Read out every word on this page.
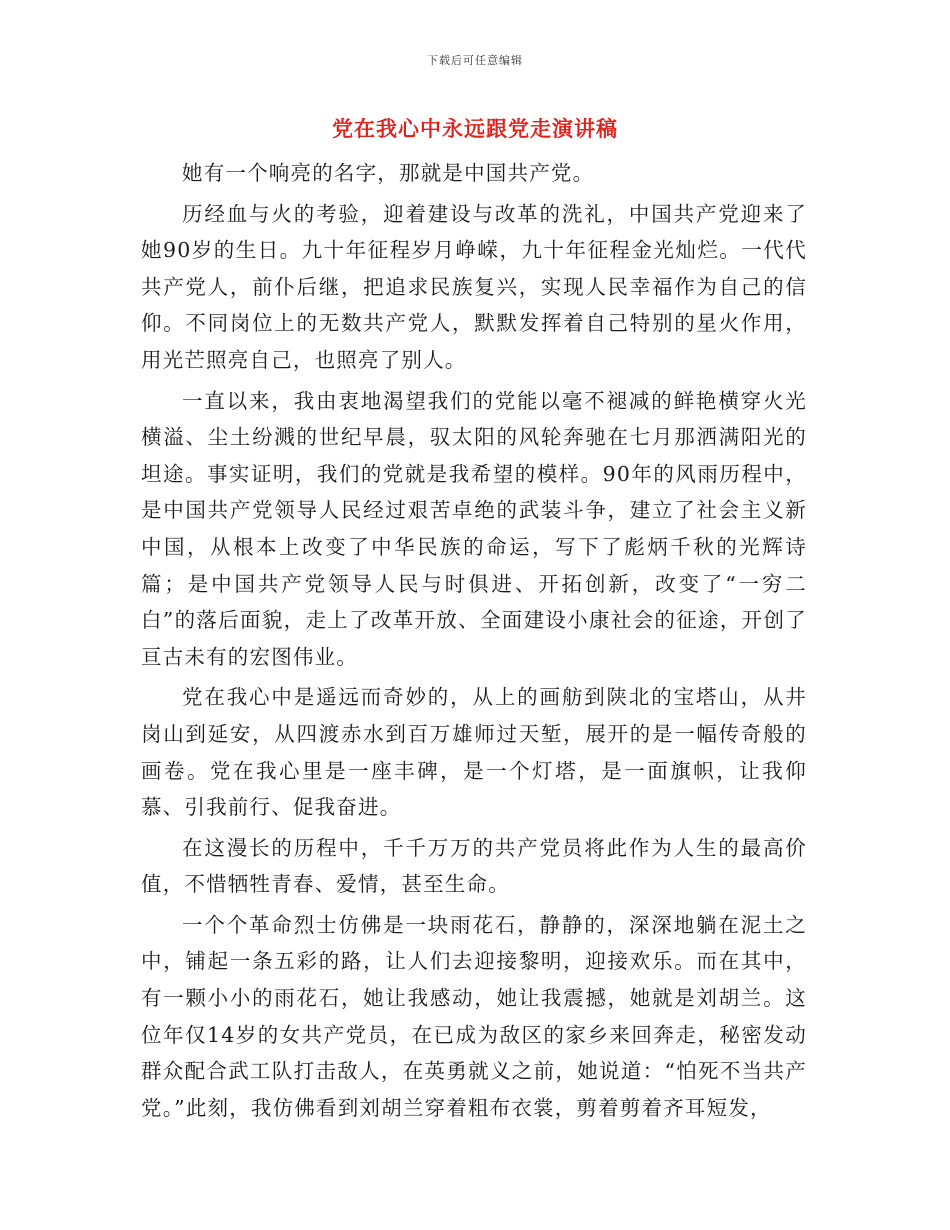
下载后可任意编辑
党在我心中永远跟党走演讲稿

她有一个响亮的名字，那就是中国共产党。

历经血与火的考验，迎着建设与改革的洗礼，中国共产党迎来了她90岁的生日。九十年征程岁月峥嵘，九十年征程金光灿烂。一代代共产党人，前仆后继，把追求民族复兴，实现人民幸福作为自己的信仰。不同岗位上的无数共产党人，默默发挥着自己特别的星火作用，用光芒照亮自己，也照亮了别人。

一直以来，我由衷地渴望我们的党能以毫不褪减的鲜艳横穿火光横溢、尘土纷溅的世纪早晨，驭太阳的风轮奔驰在七月那洒满阳光的坦途。事实证明，我们的党就是我希望的模样。90年的风雨历程中，是中国共产党领导人民经过艰苦卓绝的武装斗争，建立了社会主义新中国，从根本上改变了中华民族的命运，写下了彪炳千秋的光辉诗篇；是中国共产党领导人民与时俱进、开拓创新，改变了“一穷二白”的落后面貌，走上了改革开放、全面建设小康社会的征途，开创了亘古未有的宏图伟业。

党在我心中是遥远而奇妙的，从上的画舫到陕北的宝塔山，从井岗山到延安，从四渡赤水到百万雄师过天堑，展开的是一幅传奇般的画卷。党在我心里是一座丰碑，是一个灯塔，是一面旗帜，让我仰慕、引我前行、促我奋进。

在这漫长的历程中，千千万万的共产党员将此作为人生的最高价值，不惜牺牲青春、爱情，甚至生命。

一个个革命烈士仿佛是一块雨花石，静静的，深深地躺在泥土之中，铺起一条五彩的路，让人们去迎接黎明，迎接欢乐。而在其中，有一颗小小的雨花石，她让我感动，她让我震撼，她就是刘胡兰。这位年仅14岁的女共产党员，在已成为敌区的家乡来回奔走，秘密发动群众配合武工队打击敌人，在英勇就义之前，她说道：“怕死不当共产党。”此刻，我仿佛看到刘胡兰穿着粗布衣裳，剪着剪着齐耳短发，
